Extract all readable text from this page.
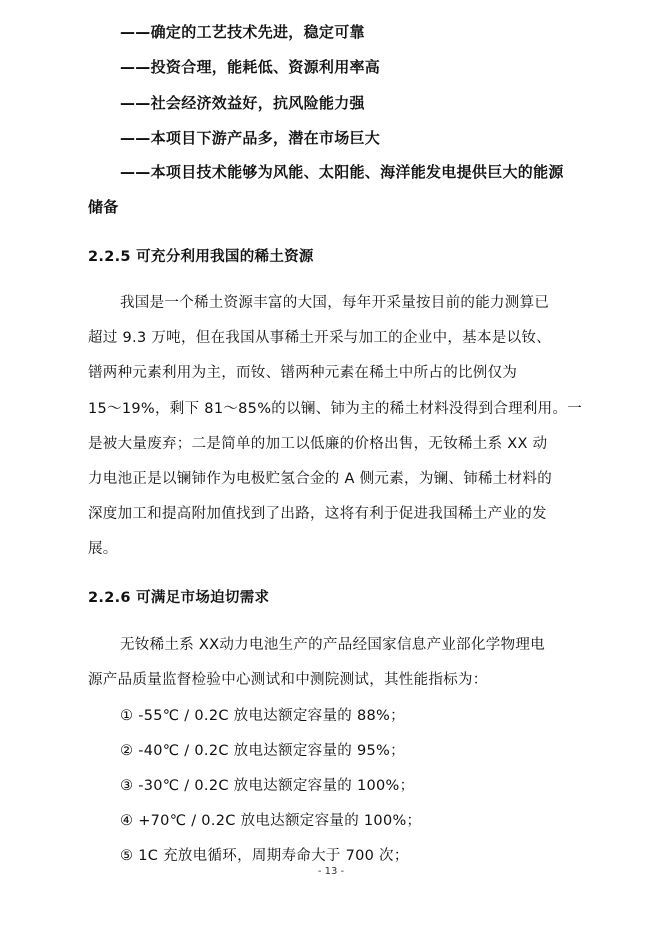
——确定的工艺技术先进，稳定可靠
——投资合理，能耗低、资源利用率高
——社会经济效益好，抗风险能力强
——本项目下游产品多，潜在市场巨大
——本项目技术能够为风能、太阳能、海洋能发电提供巨大的能源
储备
2.2.5 可充分利用我国的稀土资源
我国是一个稀土资源丰富的大国，每年开采量按目前的能力测算已
超过 9.3 万吨，但在我国从事稀土开采与加工的企业中，基本是以钕、
镨两种元素利用为主，而钕、镨两种元素在稀土中所占的比例仅为
15～19%，剩下 81～85%的以镧、铈为主的稀土材料没得到合理利用。一
是被大量废弃；二是简单的加工以低廉的价格出售，无钕稀土系 XX 动
力电池正是以镧铈作为电极贮氢合金的 A 侧元素，为镧、铈稀土材料的
深度加工和提高附加值找到了出路，这将有利于促进我国稀土产业的发
展。
2.2.6 可满足市场迫切需求
无钕稀土系 XX动力电池生产的产品经国家信息产业部化学物理电
源产品质量监督检验中心测试和中测院测试，其性能指标为：
① -55℃ / 0.2C 放电达额定容量的 88%；
② -40℃ / 0.2C 放电达额定容量的 95%；
③ -30℃ / 0.2C 放电达额定容量的 100%；
④ +70℃ / 0.2C 放电达额定容量的 100%；
⑤ 1C 充放电循环，周期寿命大于 700 次；
- 13 -
